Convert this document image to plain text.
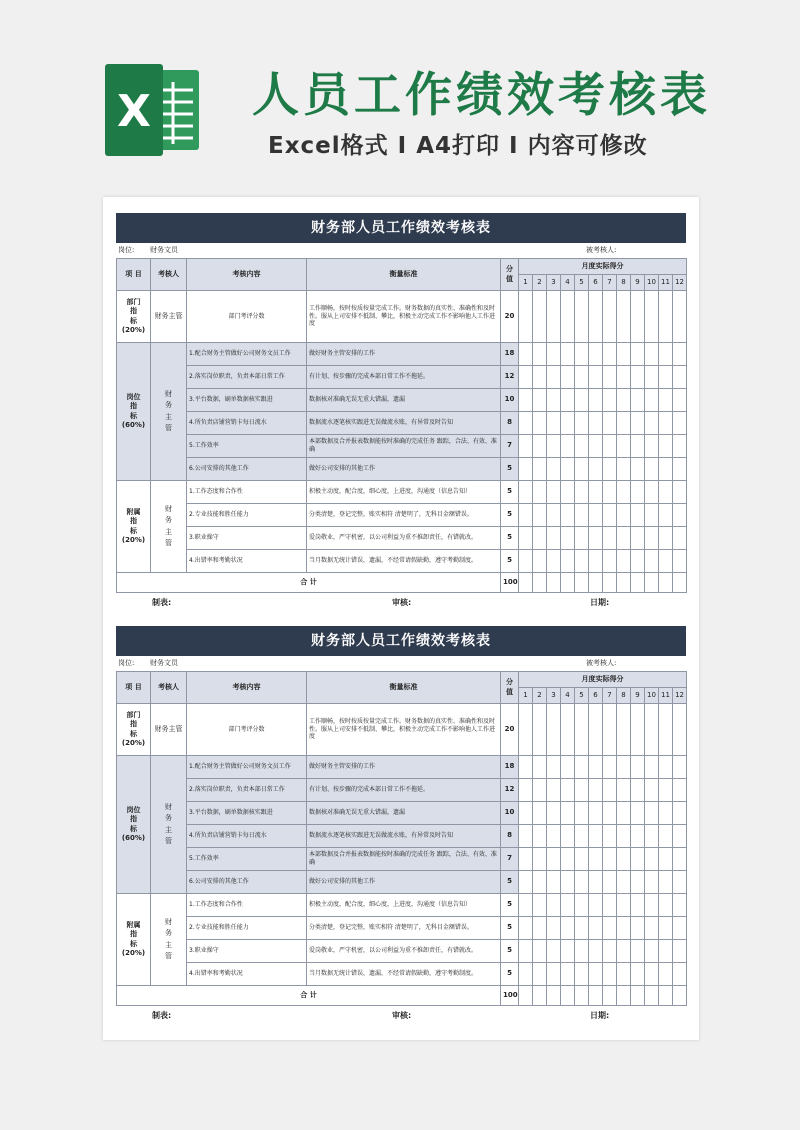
X 人员工作绩效考核表
Excel格式 I A4打印 I 内容可修改
财务部人员工作绩效考核表
岗位: 财务文员	被考核人:
项 目	考核人	考核内容	衡量标准	分值	月度实际得分											
					1	2	3	4	5	6	7	8	9	10	11	12

部门
指
标
(20%)	财务主管	部门考评分数	工作顺畅，按时按质按量完成工作。财务数据的真实性、准确性和及时性。服从上司安排不抵制、攀比，积极主动完成工作不影响他人工作进度	20												

岗位
指
标
(60%)	财务主管	1.配合财务主管做好公司财务文员工作	做好财务主管安排的工作	18												
		2.落实岗位职责，负责本部日常工作	有计划、按步骤的完成本部日常工作不拖延。	12												
		3.平台数据，刷单数据核实跟进	数据核对准确无误无重大错漏，遗漏	10												
		4.所负责店铺营销卡每日流水	数据流水逐笔核实跟进无误做流水账，有异常及时告知	8												
		5.工作效率	本部数据及合并报表数据能按时准确的完成任务 跟踪，合法、有效、准确	7												
		6.公司安排的其他工作	做好公司安排的其他工作	5												

附属
指
标
(20%)	财务主管	1.工作态度和合作性	积极主动度，配合度，细心度，上进度，沟通度（信息告知）	5												
		2.专业技能和胜任能力	分类清楚，登记完整，账实相符 清楚明了，无科目金额错误。	5												
		3.职业操守	爱岗敬业，严守机密，以公司利益为重不推卸责任，有错就改。	5												
		4.出错率和考勤状况	当月数据无统计错误，遗漏，不经常请假缺勤，遵守考勤制度。	5												
合 计				100												
制表:	审核:	日期:
财务部人员工作绩效考核表
岗位: 财务文员	被考核人:
项 目	考核人	考核内容	衡量标准	分值	月度实际得分											
					1	2	3	4	5	6	7	8	9	10	11	12

部门
指
标
(20%)	财务主管	部门考评分数	工作顺畅，按时按质按量完成工作。财务数据的真实性、准确性和及时性。服从上司安排不抵制、攀比，积极主动完成工作不影响他人工作进度	20												

岗位
指
标
(60%)	财务主管	1.配合财务主管做好公司财务文员工作	做好财务主管安排的工作	18												
		2.落实岗位职责，负责本部日常工作	有计划、按步骤的完成本部日常工作不拖延。	12												
		3.平台数据，刷单数据核实跟进	数据核对准确无误无重大错漏，遗漏	10												
		4.所负责店铺营销卡每日流水	数据流水逐笔核实跟进无误做流水账，有异常及时告知	8												
		5.工作效率	本部数据及合并报表数据能按时准确的完成任务 跟踪，合法、有效、准确	7												
		6.公司安排的其他工作	做好公司安排的其他工作	5												

附属
指
标
(20%)	财务主管	1.工作态度和合作性	积极主动度，配合度，细心度，上进度，沟通度（信息告知）	5												
		2.专业技能和胜任能力	分类清楚，登记完整，账实相符 清楚明了，无科目金额错误。	5												
		3.职业操守	爱岗敬业，严守机密，以公司利益为重不推卸责任，有错就改。	5												
		4.出错率和考勤状况	当月数据无统计错误，遗漏，不经常请假缺勤，遵守考勤制度。	5												
合 计				100												
制表:	审核:	日期:
